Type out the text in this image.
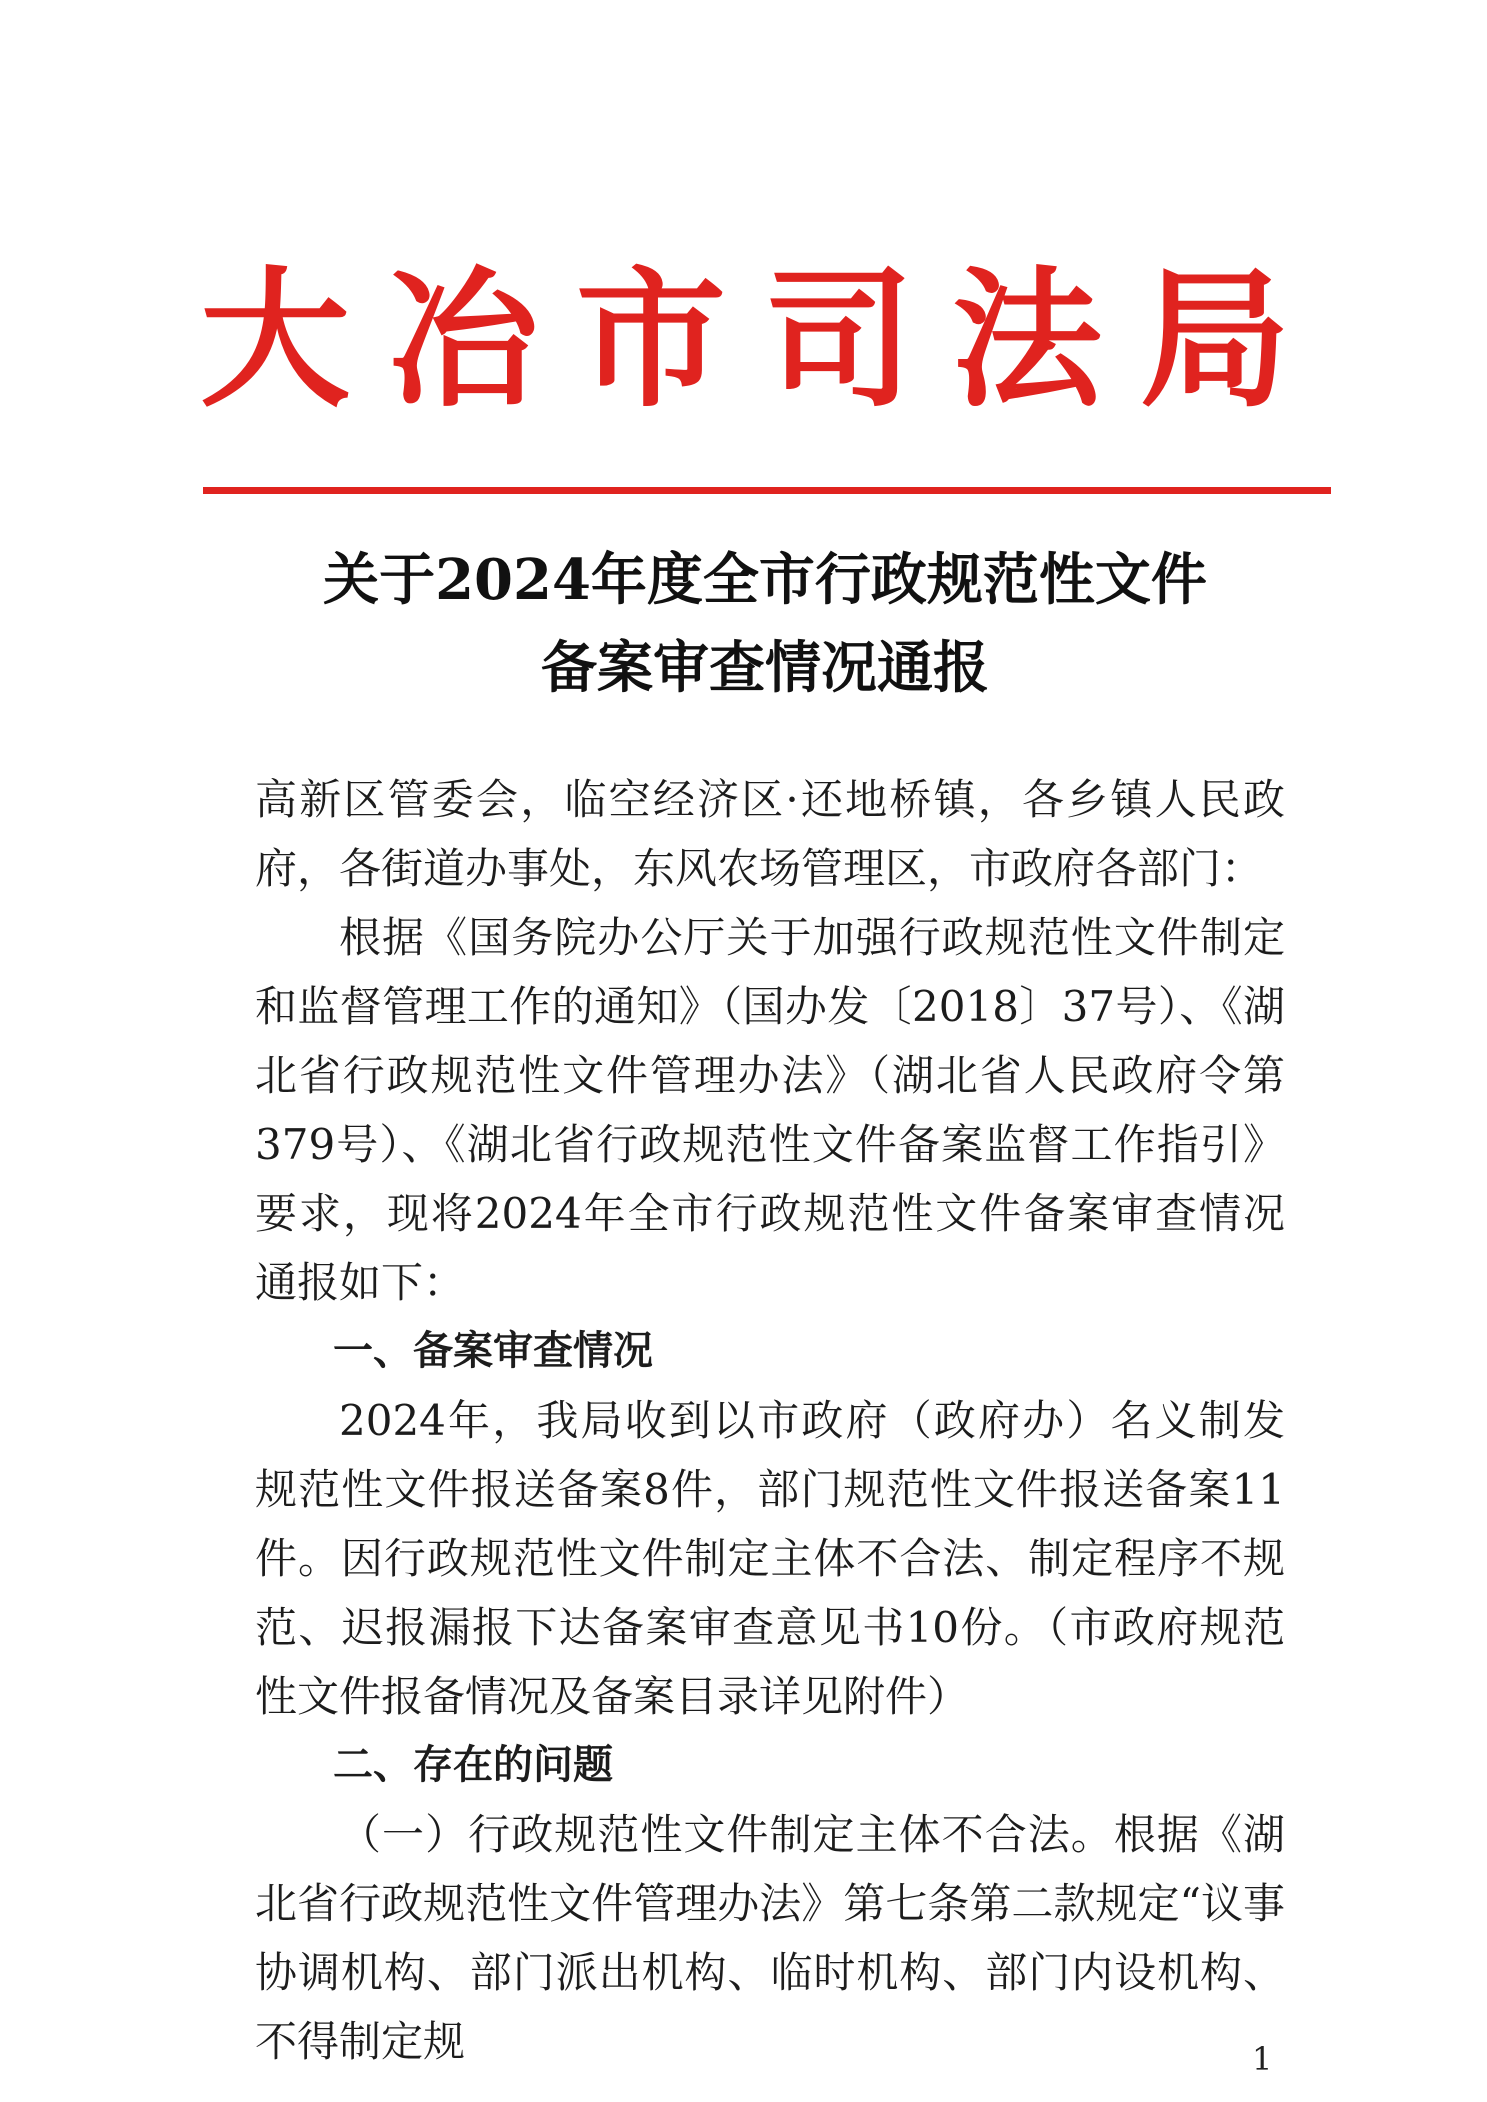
大 冶 市 司 法 局
关于2024年度全市行政规范性文件
备案审查情况通报

高新区管委会，临空经济区·还地桥镇，各乡镇人民政府，各街道办事处，东风农场管理区，市政府各部门：

根据《国务院办公厅关于加强行政规范性文件制定和监督管理工作的通知》（国办发〔2018〕37号）、《湖北省行政规范性文件管理办法》（湖北省人民政府令第379号）、《湖北省行政规范性文件备案监督工作指引》要求，现将2024年全市行政规范性文件备案审查情况通报如下：

一、备案审查情况

2024年，我局收到以市政府（政府办）名义制发规范性文件报送备案8件，部门规范性文件报送备案11件。因行政规范性文件制定主体不合法、制定程序不规范、迟报漏报下达备案审查意见书10份。（市政府规范性文件报备情况及备案目录详见附件）

二、存在的问题

（一）行政规范性文件制定主体不合法。根据《湖北省行政规范性文件管理办法》第七条第二款规定“议事协调机构、部门派出机构、临时机构、部门内设机构、不得制定规	1
